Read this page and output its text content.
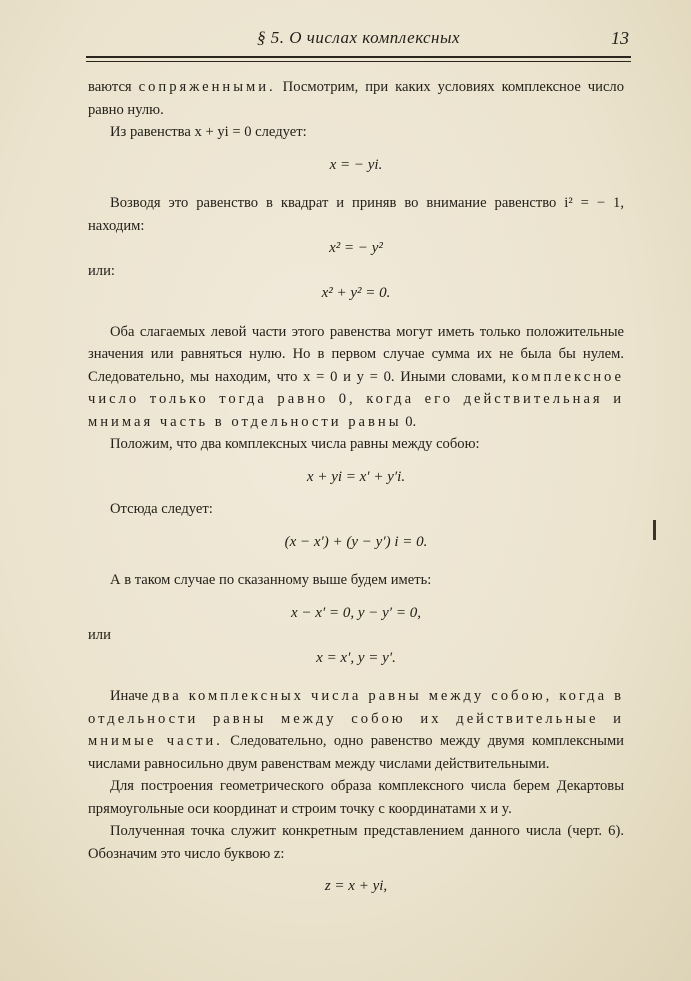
§ 5. О числах комплексных	13

ваются сопряженными. Посмотрим, при каких условиях комплексное число равно нулю.

Из равенства x + yi = 0 следует:

x = − yi.

Возводя это равенство в квадрат и приняв во внимание равенство i² = − 1, находим:

x² = − y²

или:

x² + y² = 0.

Оба слагаемых левой части этого равенства могут иметь только положительные значения или равняться нулю. Но в первом случае сумма их не была бы нулем. Следовательно, мы находим, что x = 0 и y = 0. Иными словами, комплексное число только тогда равно 0, когда его действительная и мнимая часть в отдельности равны 0.

Положим, что два комплексных числа равны между собою:

x + yi = x′ + y′i.

Отсюда следует:

(x − x′) + (y − y′) i = 0.

А в таком случае по сказанному выше будем иметь:

x − x′ = 0, y − y′ = 0,

или

x = x′, y = y′.

Иначе два комплексных числа равны между собою, когда в отдельности равны между собою их действительные и мнимые части. Следовательно, одно равенство между двумя комплексными числами равносильно двум равенствам между числами действительными.

Для построения геометрического образа комплексного числа берем Декартовы прямоугольные оси координат и строим точку с координатами x и y.

Полученная точка служит конкретным представлением данного числа (черт. 6). Обозначим это число буквою z:

z = x + yi,
